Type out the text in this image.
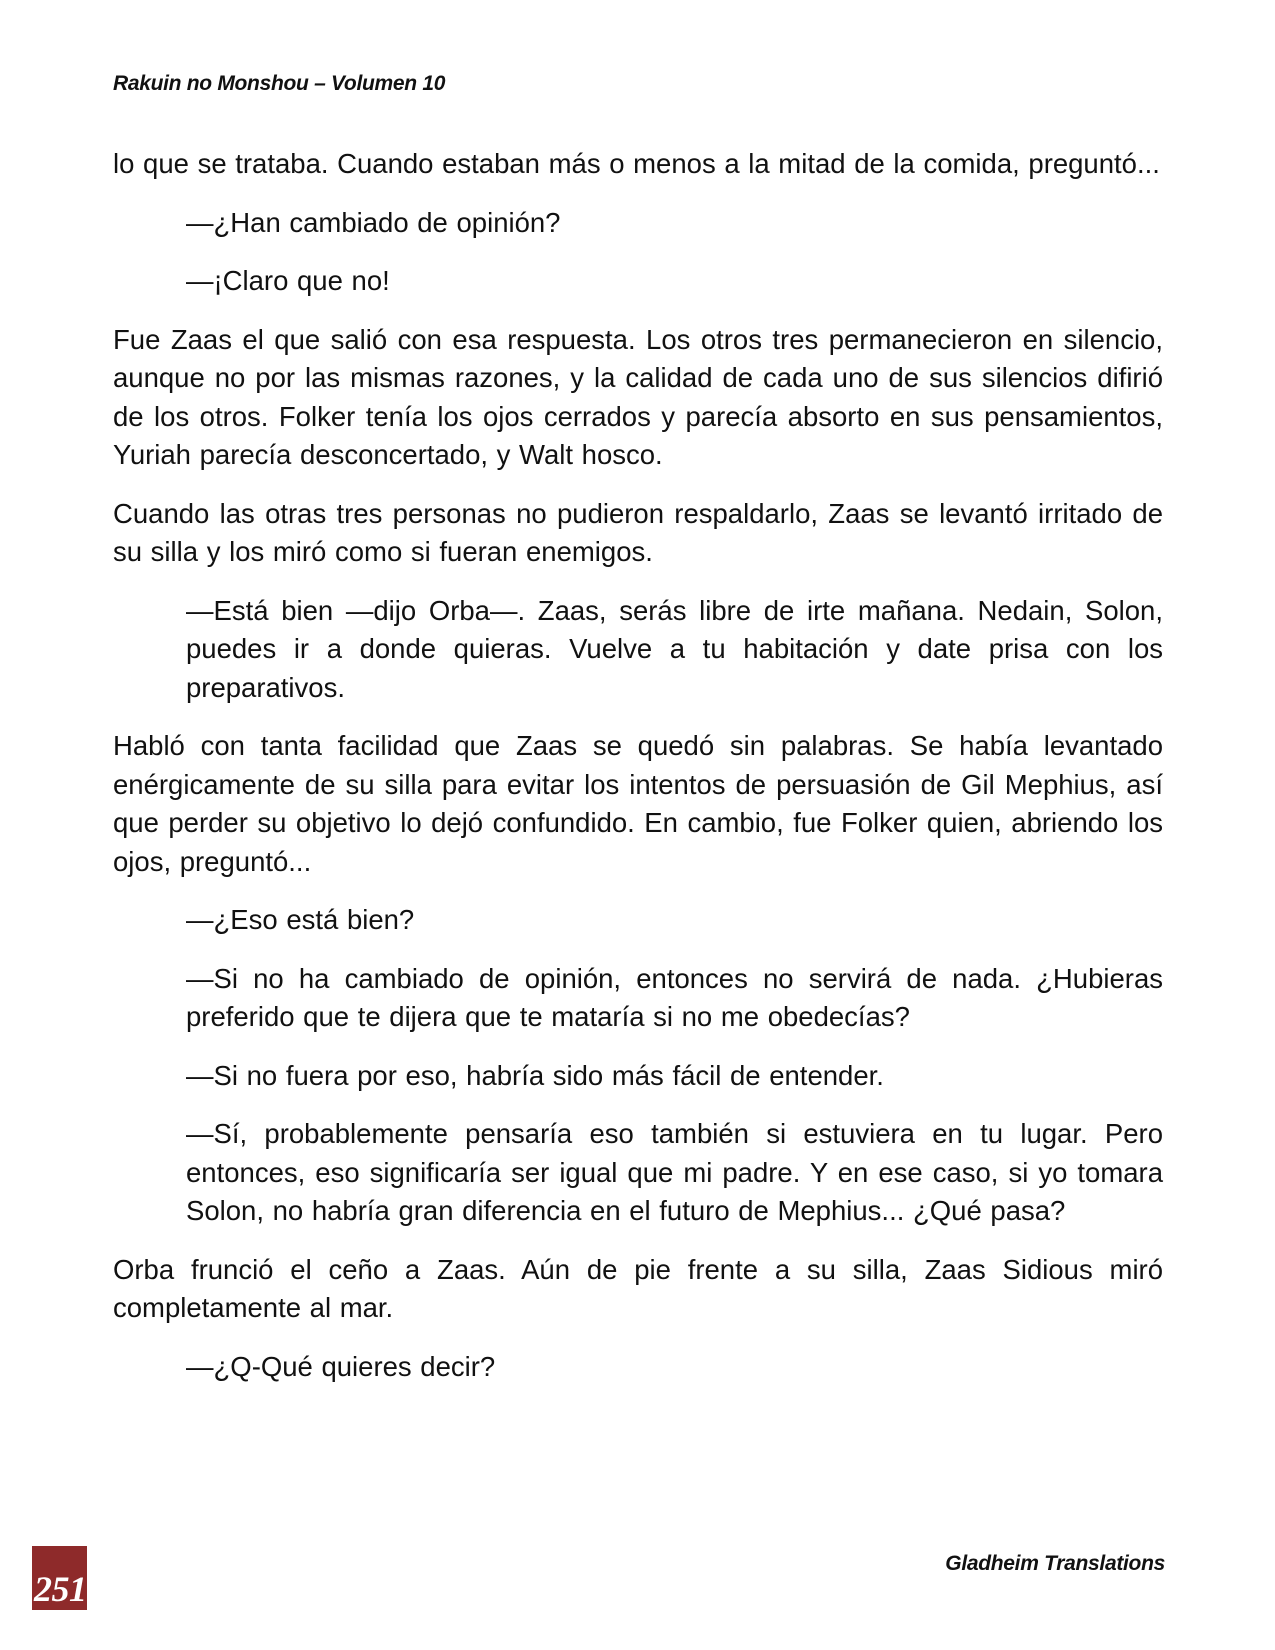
Rakuin no Monshou – Volumen 10

lo que se trataba. Cuando estaban más o menos a la mitad de la comida, preguntó...

—¿Han cambiado de opinión?

—¡Claro que no!

Fue Zaas el que salió con esa respuesta. Los otros tres permanecieron en silencio, aunque no por las mismas razones, y la calidad de cada uno de sus silencios difirió de los otros. Folker tenía los ojos cerrados y parecía absorto en sus pensamientos, Yuriah parecía desconcertado, y Walt hosco.

Cuando las otras tres personas no pudieron respaldarlo, Zaas se levantó irritado de su silla y los miró como si fueran enemigos.

—Está bien —dijo Orba—. Zaas, serás libre de irte mañana. Nedain, Solon, puedes ir a donde quieras. Vuelve a tu habitación y date prisa con los preparativos.

Habló con tanta facilidad que Zaas se quedó sin palabras. Se había levantado enérgicamente de su silla para evitar los intentos de persuasión de Gil Mephius, así que perder su objetivo lo dejó confundido. En cambio, fue Folker quien, abriendo los ojos, preguntó...

—¿Eso está bien?

—Si no ha cambiado de opinión, entonces no servirá de nada. ¿Hubieras preferido que te dijera que te mataría si no me obedecías?

—Si no fuera por eso, habría sido más fácil de entender.

—Sí, probablemente pensaría eso también si estuviera en tu lugar. Pero entonces, eso significaría ser igual que mi padre. Y en ese caso, si yo tomara Solon, no habría gran diferencia en el futuro de Mephius... ¿Qué pasa?

Orba frunció el ceño a Zaas. Aún de pie frente a su silla, Zaas Sidious miró completamente al mar.

—¿Q-Qué quieres decir?

251
Gladheim Translations
